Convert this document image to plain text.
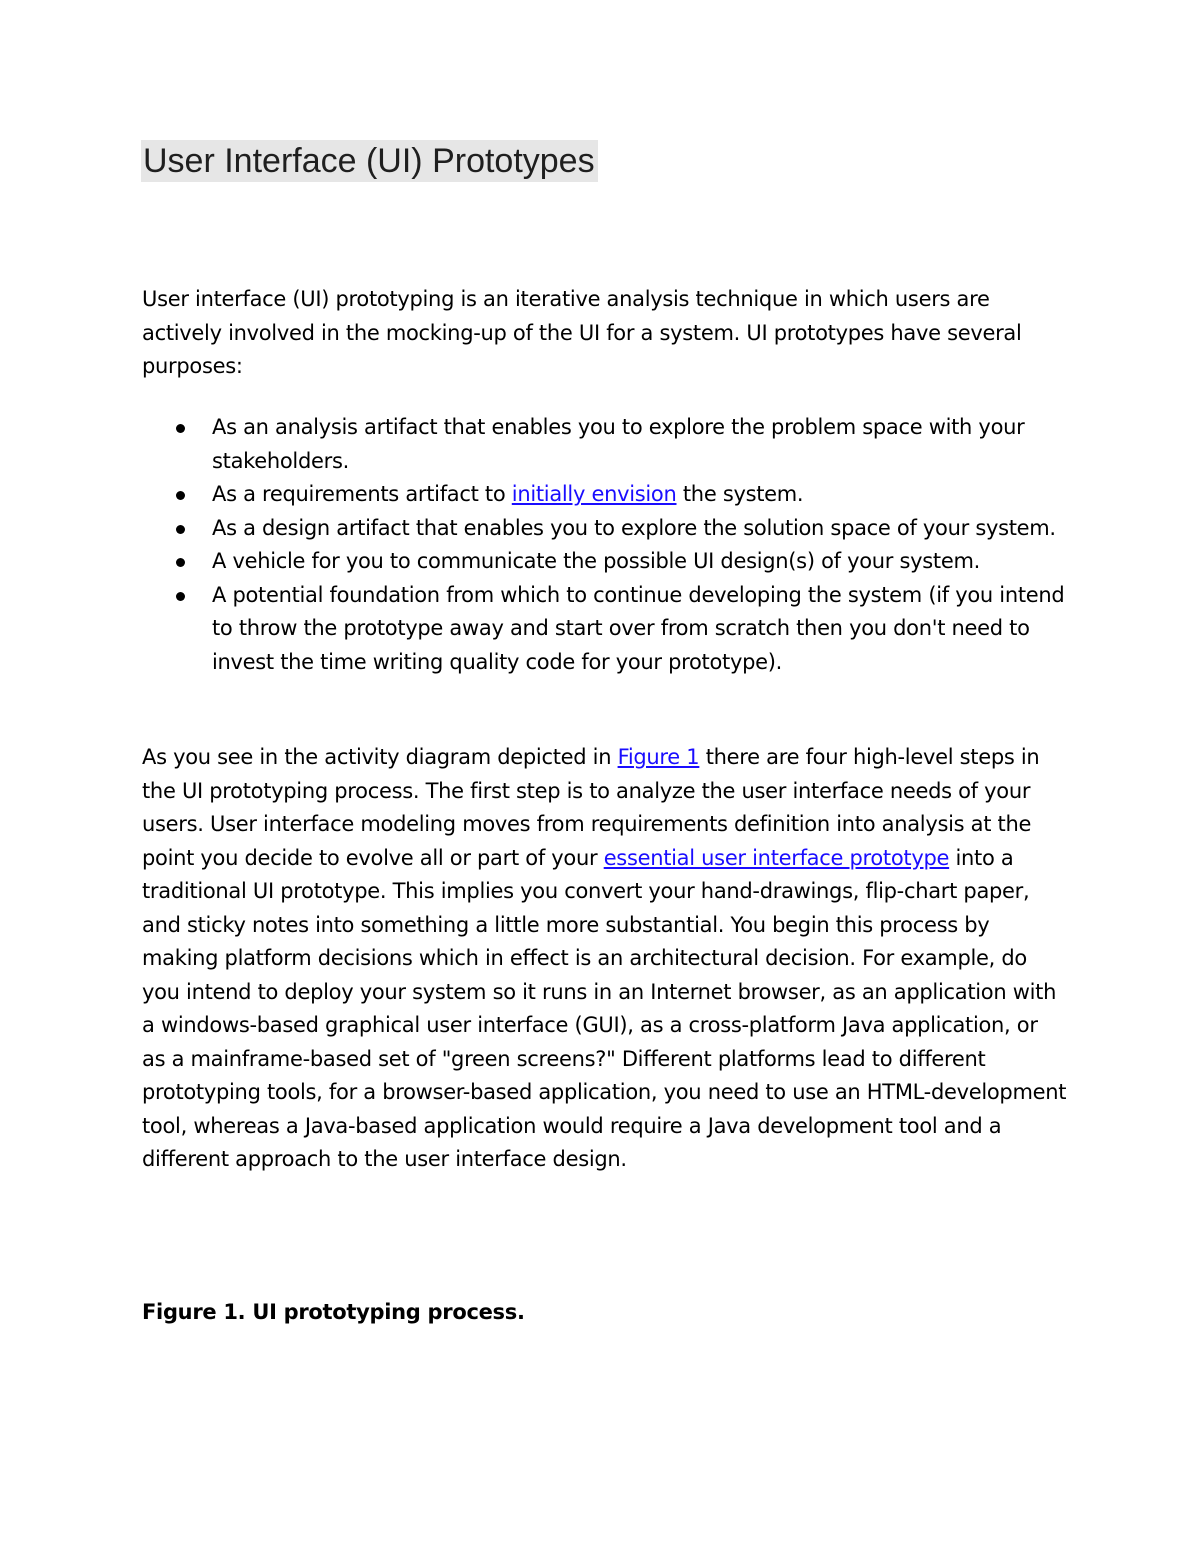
User Interface (UI) Prototypes

User interface (UI) prototyping is an iterative analysis technique in which users are actively involved in the mocking-up of the UI for a system. UI prototypes have several purposes:

As an analysis artifact that enables you to explore the problem space with your stakeholders.
As a requirements artifact to initially envision the system.
As a design artifact that enables you to explore the solution space of your system.
A vehicle for you to communicate the possible UI design(s) of your system.
A potential foundation from which to continue developing the system (if you intend to throw the prototype away and start over from scratch then you don't need to invest the time writing quality code for your prototype).

As you see in the activity diagram depicted in Figure 1 there are four high-level steps in the UI prototyping process. The first step is to analyze the user interface needs of your users. User interface modeling moves from requirements definition into analysis at the point you decide to evolve all or part of your essential user interface prototype into a traditional UI prototype. This implies you convert your hand-drawings, flip-chart paper, and sticky notes into something a little more substantial. You begin this process by making platform decisions which in effect is an architectural decision. For example, do you intend to deploy your system so it runs in an Internet browser, as an application with a windows-based graphical user interface (GUI), as a cross-platform Java application, or as a mainframe-based set of "green screens?" Different platforms lead to different prototyping tools, for a browser-based application, you need to use an HTML-development tool, whereas a Java-based application would require a Java development tool and a different approach to the user interface design.

Figure 1. UI prototyping process.
